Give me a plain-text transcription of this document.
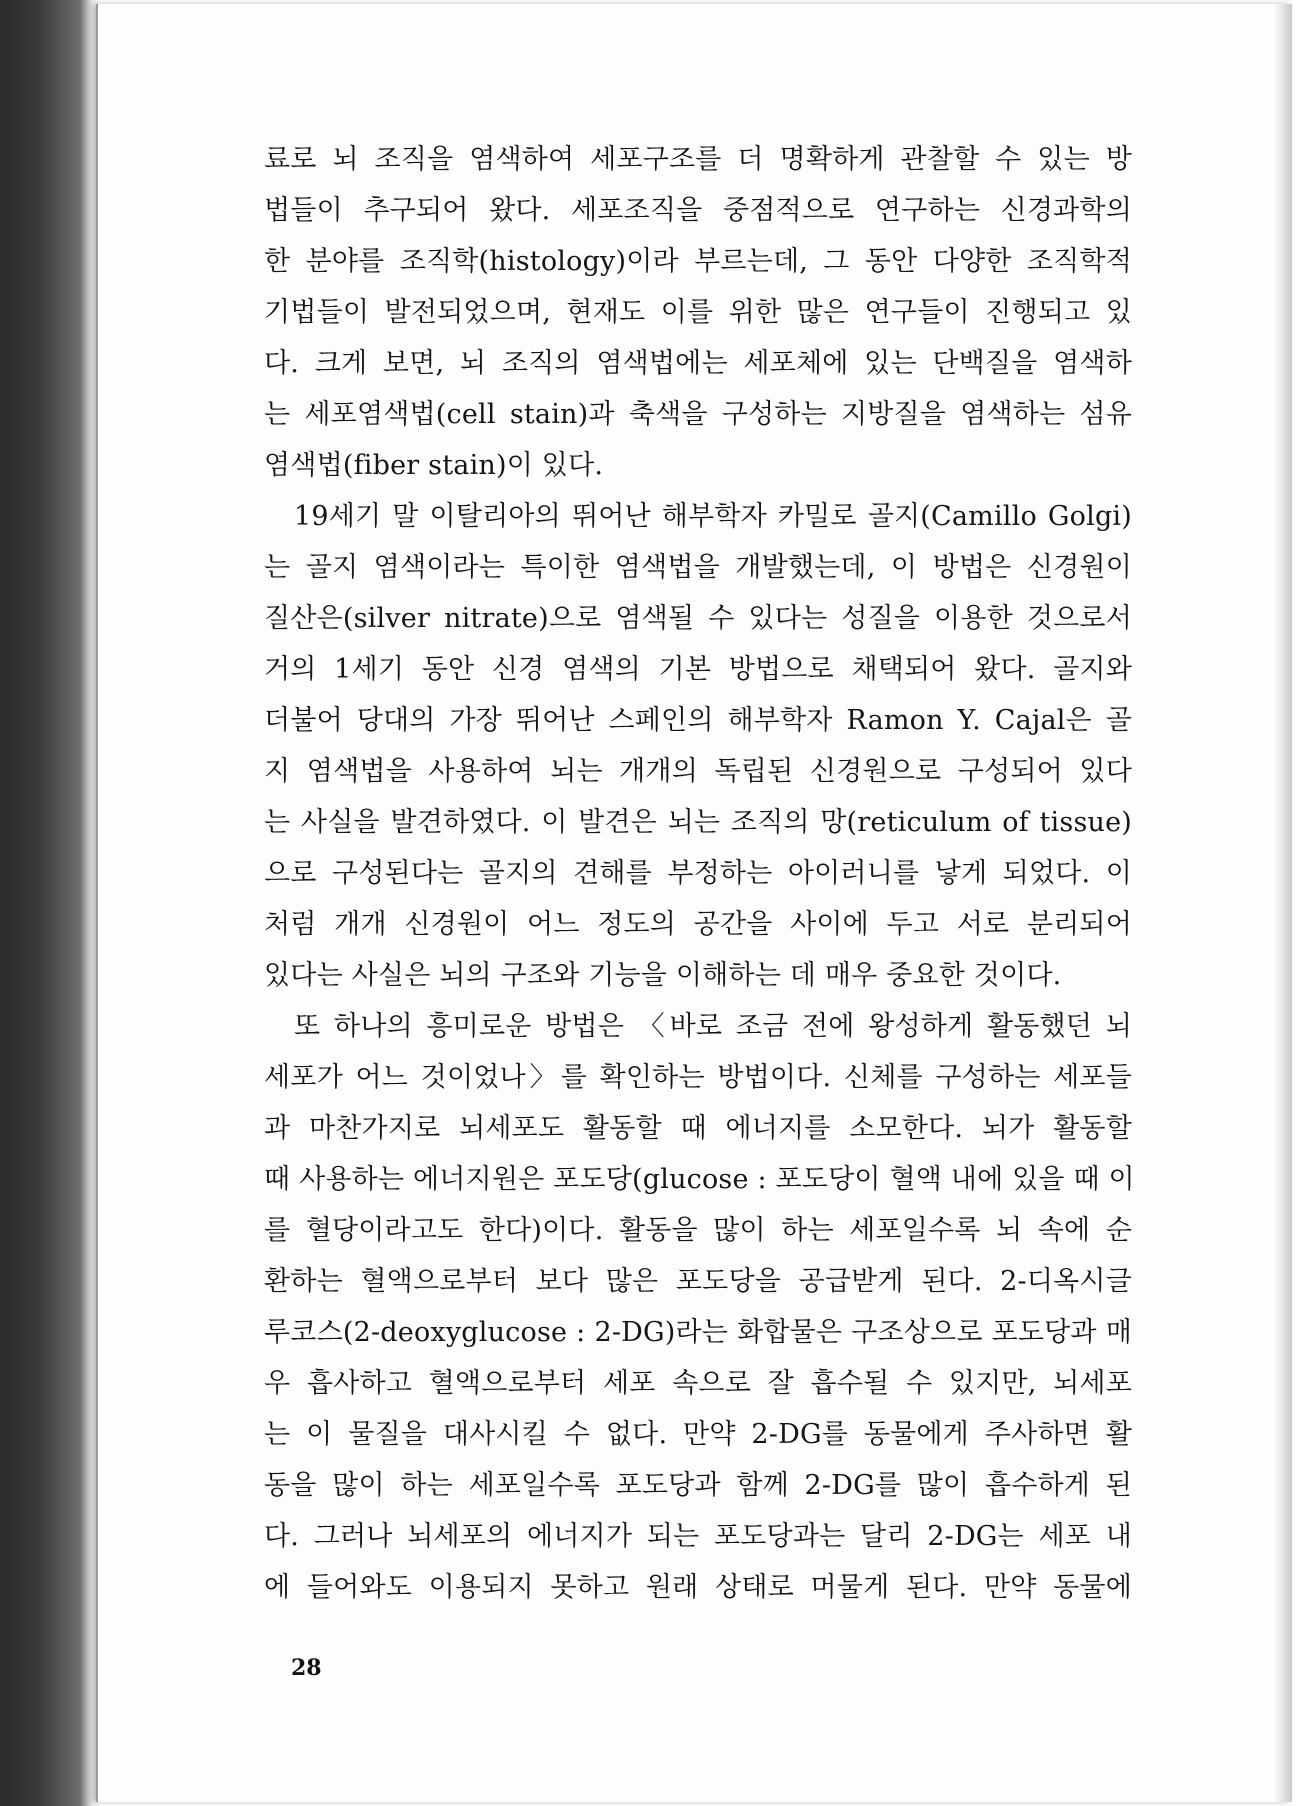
료로 뇌 조직을 염색하여 세포구조를 더 명확하게 관찰할 수 있는 방
법들이 추구되어 왔다. 세포조직을 중점적으로 연구하는 신경과학의
한 분야를 조직학(histology)이라 부르는데, 그 동안 다양한 조직학적
기법들이 발전되었으며, 현재도 이를 위한 많은 연구들이 진행되고 있
다. 크게 보면, 뇌 조직의 염색법에는 세포체에 있는 단백질을 염색하
는 세포염색법(cell stain)과 축색을 구성하는 지방질을 염색하는 섬유
염색법(fiber stain)이 있다.
19세기 말 이탈리아의 뛰어난 해부학자 카밀로 골지(Camillo Golgi)
는 골지 염색이라는 특이한 염색법을 개발했는데, 이 방법은 신경원이
질산은(silver nitrate)으로 염색될 수 있다는 성질을 이용한 것으로서
거의 1세기 동안 신경 염색의 기본 방법으로 채택되어 왔다. 골지와
더불어 당대의 가장 뛰어난 스페인의 해부학자 Ramon Y. Cajal은 골
지 염색법을 사용하여 뇌는 개개의 독립된 신경원으로 구성되어 있다
는 사실을 발견하였다. 이 발견은 뇌는 조직의 망(reticulum of tissue)
으로 구성된다는 골지의 견해를 부정하는 아이러니를 낳게 되었다. 이
처럼 개개 신경원이 어느 정도의 공간을 사이에 두고 서로 분리되어
있다는 사실은 뇌의 구조와 기능을 이해하는 데 매우 중요한 것이다.
또 하나의 흥미로운 방법은 〈바로 조금 전에 왕성하게 활동했던 뇌
세포가 어느 것이었나〉를 확인하는 방법이다. 신체를 구성하는 세포들
과 마찬가지로 뇌세포도 활동할 때 에너지를 소모한다. 뇌가 활동할
때 사용하는 에너지원은 포도당(glucose : 포도당이 혈액 내에 있을 때 이
를 혈당이라고도 한다)이다. 활동을 많이 하는 세포일수록 뇌 속에 순
환하는 혈액으로부터 보다 많은 포도당을 공급받게 된다. 2-디옥시글
루코스(2-deoxyglucose : 2-DG)라는 화합물은 구조상으로 포도당과 매
우 흡사하고 혈액으로부터 세포 속으로 잘 흡수될 수 있지만, 뇌세포
는 이 물질을 대사시킬 수 없다. 만약 2-DG를 동물에게 주사하면 활
동을 많이 하는 세포일수록 포도당과 함께 2-DG를 많이 흡수하게 된
다. 그러나 뇌세포의 에너지가 되는 포도당과는 달리 2-DG는 세포 내
에 들어와도 이용되지 못하고 원래 상태로 머물게 된다. 만약 동물에
28
